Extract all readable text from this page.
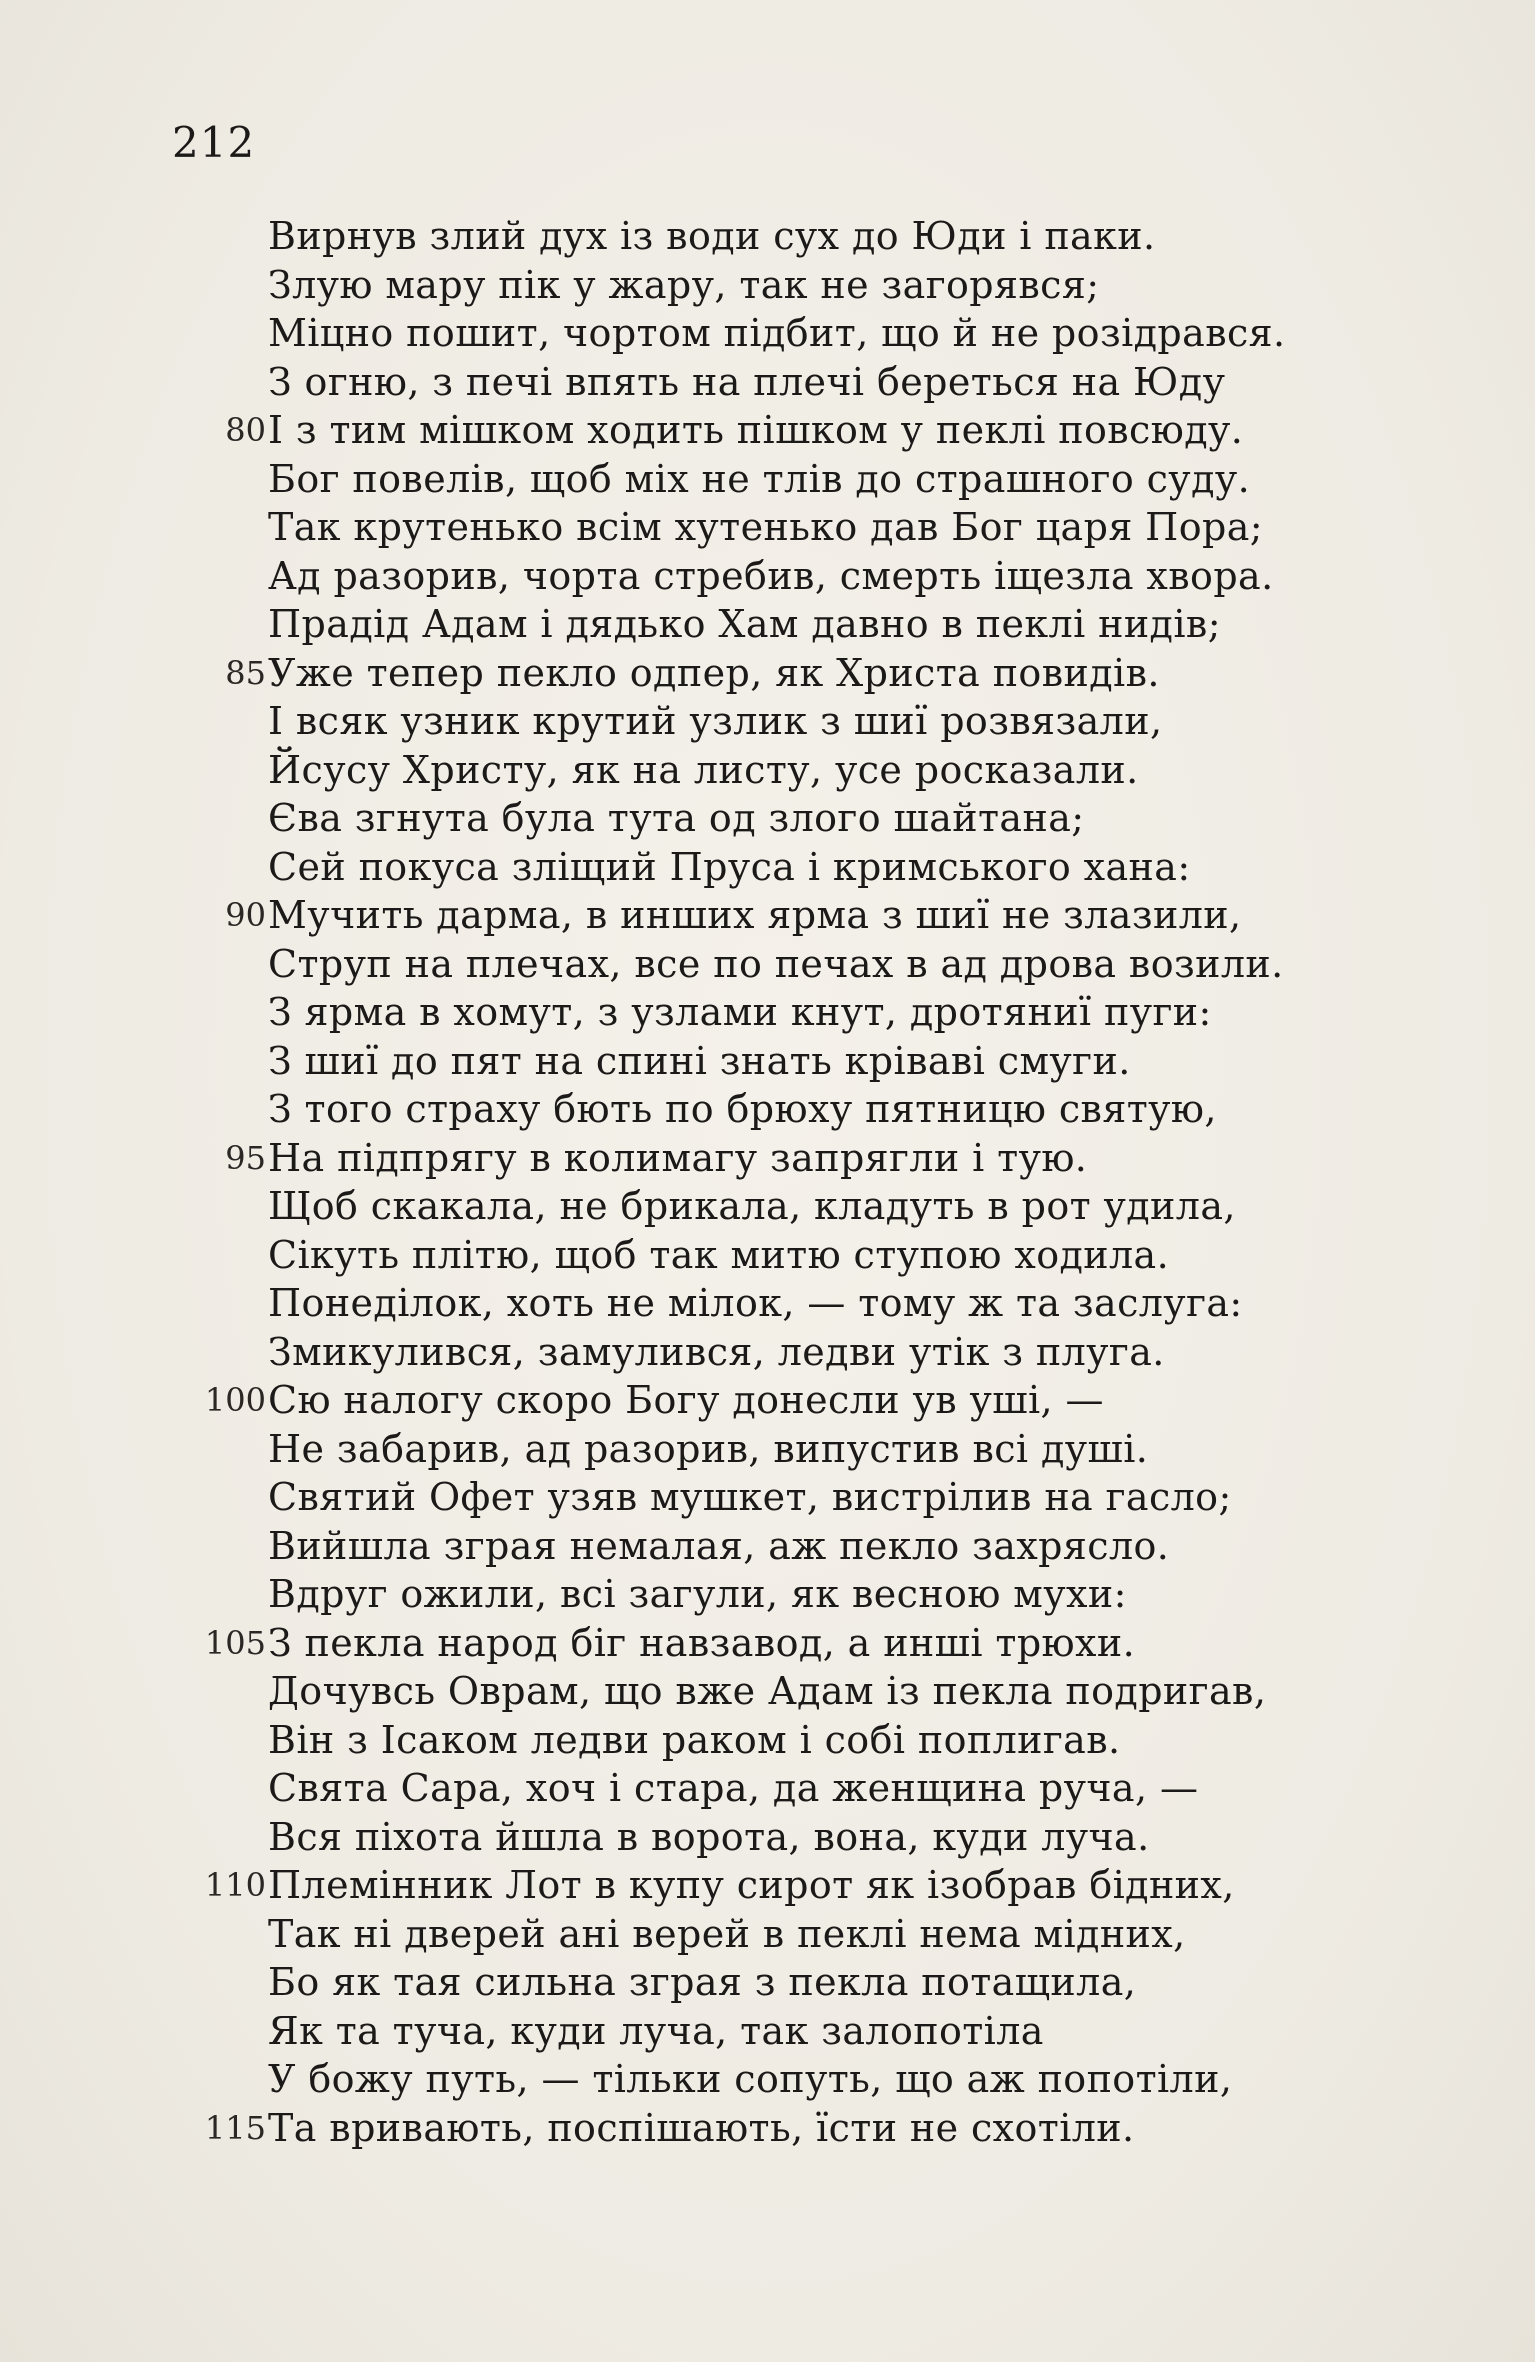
212
Вирнув злий дух із води сух до Юди і паки.
Злую мару пік у жару, так не загорявся;
Міцно пошит, чортом підбит, що й не розідрався.
З огню, з печі впять на плечі береться на Юду
80 І з тим мішком ходить пішком у пеклі повсюду.
Бог повелів, щоб міх не тлів до страшного суду.
Так крутенько всім хутенько дав Бог царя Пора;
Ад разорив, чорта стребив, смерть іщезла хвора.
Прадід Адам і дядько Хам давно в пеклі нидів;
85 Уже тепер пекло одпер, як Христа повидів.
І всяк узник крутий узлик з шиї розвязали,
Йсусу Христу, як на листу, усе росказали.
Єва згнута була тута од злого шайтана;
Сей покуса зліщий Пруса і кримського хана:
90 Мучить дарма, в инших ярма з шиї не злазили,
Струп на плечах, все по печах в ад дрова возили.
З ярма в хомут, з узлами кнут, дротяниї пуги:
З шиї до пят на спині знать кріваві смуги.
З того страху бють по брюху пятницю святую,
95 На підпрягу в колимагу запрягли і тую.
Щоб скакала, не брикала, кладуть в рот удила,
Сікуть плітю, щоб так митю ступою ходила.
Понеділок, хоть не мілок, — тому ж та заслуга:
Змикулився, замулився, ледви утік з плуга.
100 Сю налогу скоро Богу донесли ув уші, —
Не забарив, ад разорив, випустив всі душі.
Святий Офет узяв мушкет, вистрілив на гасло;
Вийшла зграя немалая, аж пекло захрясло.
Вдруг ожили, всі загули, як весною мухи:
105 З пекла народ біг навзавод, а инші трюхи.
Дочувсь Оврам, що вже Адам із пекла подригав,
Він з Ісаком ледви раком і собі поплигав.
Свята Сара, хоч і стара, да женщина руча, —
Вся піхота йшла в ворота, вона, куди луча.
110 Племінник Лот в купу сирот як ізобрав бідних,
Так ні дверей ані верей в пеклі нема мідних,
Бо як тая сильна зграя з пекла потащила,
Як та туча, куди луча, так залопотіла
У божу путь, — тільки сопуть, що аж попотіли,
115 Та вривають, поспішають, їсти не схотіли.
